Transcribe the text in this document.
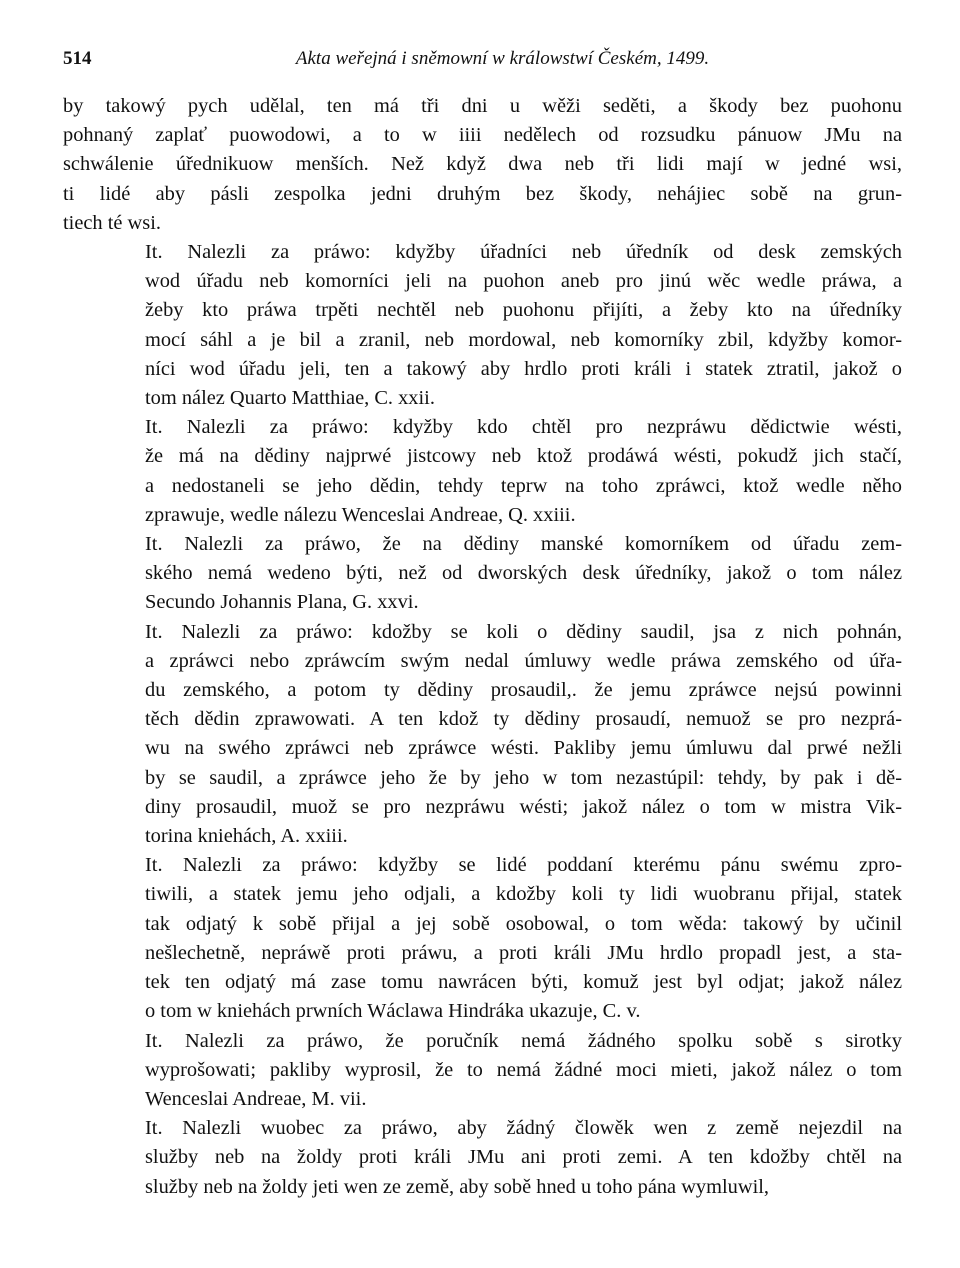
514	Akta weřejná i sněmowní w králowstwí Českém, 1499.

by takowý pych udělal, ten má tři dni u wěži seděti, a škody bez puohonu
pohnaný zaplať puowodowi, a to w iiii nedělech od rozsudku pánuow JMu na
schwálenie úřednikuow menších. Než když dwa neb tři lidi mají w jedné wsi,
ti lidé aby pásli zespolka jedni druhým bez škody, nehájiec sobě na grun-
tiech té wsi.

It. Nalezli za práwo: kdyžby úřadníci neb úředník od desk zemských
wod úřadu neb komorníci jeli na puohon aneb pro jinú wěc wedle práwa, a
žeby kto práwa trpěti nechtěl neb puohonu přijíti, a žeby kto na úředníky
mocí sáhl a je bil a zranil, neb mordowal, neb komorníky zbil, kdyžby komor-
níci wod úřadu jeli, ten a takowý aby hrdlo proti králi i statek ztratil, jakož o
tom nález Quarto Matthiae, C. xxii.

It. Nalezli za práwo: kdyžby kdo chtěl pro nezpráwu dědictwie wésti,
že má na dědiny najprwé jistcowy neb ktož prodáwá wésti, pokudž jich stačí,
a nedostaneli se jeho dědin, tehdy teprw na toho zpráwci, ktož wedle něho
zprawuje, wedle nálezu Wenceslai Andreae, Q. xxiii.

It. Nalezli za práwo, že na dědiny manské komorníkem od úřadu zem-
ského nemá wedeno býti, než od dworských desk úředníky, jakož o tom nález
Secundo Johannis Plana, G. xxvi.

It. Nalezli za práwo: kdožby se koli o dědiny saudil, jsa z nich pohnán,
a zpráwci nebo zpráwcím swým nedal úmluwy wedle práwa zemského od úřa-
du zemského, a potom ty dědiny prosaudil,. že jemu zpráwce nejsú powinni
těch dědin zprawowati. A ten kdož ty dědiny prosaudí, nemuož se pro nezprá-
wu na swého zpráwci neb zpráwce wésti. Pakliby jemu úmluwu dal prwé nežli
by se saudil, a zpráwce jeho že by jeho w tom nezastúpil: tehdy, by pak i dě-
diny prosaudil, muož se pro nezpráwu wésti; jakož nález o tom w mistra Vik-
torina kniehách, A. xxiii.

It. Nalezli za práwo: kdyžby se lidé poddaní kterému pánu swému zpro-
tiwili, a statek jemu jeho odjali, a kdožby koli ty lidi wuobranu přijal, statek
tak odjatý k sobě přijal a jej sobě osobowal, o tom wěda: takowý by učinil
nešlechetně, nepráwě proti práwu, a proti králi JMu hrdlo propadl jest, a sta-
tek ten odjatý má zase tomu nawrácen býti, komuž jest byl odjat; jakož nález
o tom w kniehách prwních Wáclawa Hindráka ukazuje, C. v.

It. Nalezli za práwo, že poručník nemá žádného spolku sobě s sirotky
wyprošowati; pakliby wyprosil, že to nemá žádné moci mieti, jakož nález o tom
Wenceslai Andreae, M. vii.

It. Nalezli wuobec za práwo, aby žádný člowěk wen z země nejezdil na
služby neb na žoldy proti králi JMu ani proti zemi. A ten kdožby chtěl na
služby neb na žoldy jeti wen ze země, aby sobě hned u toho pána wymluwil,
